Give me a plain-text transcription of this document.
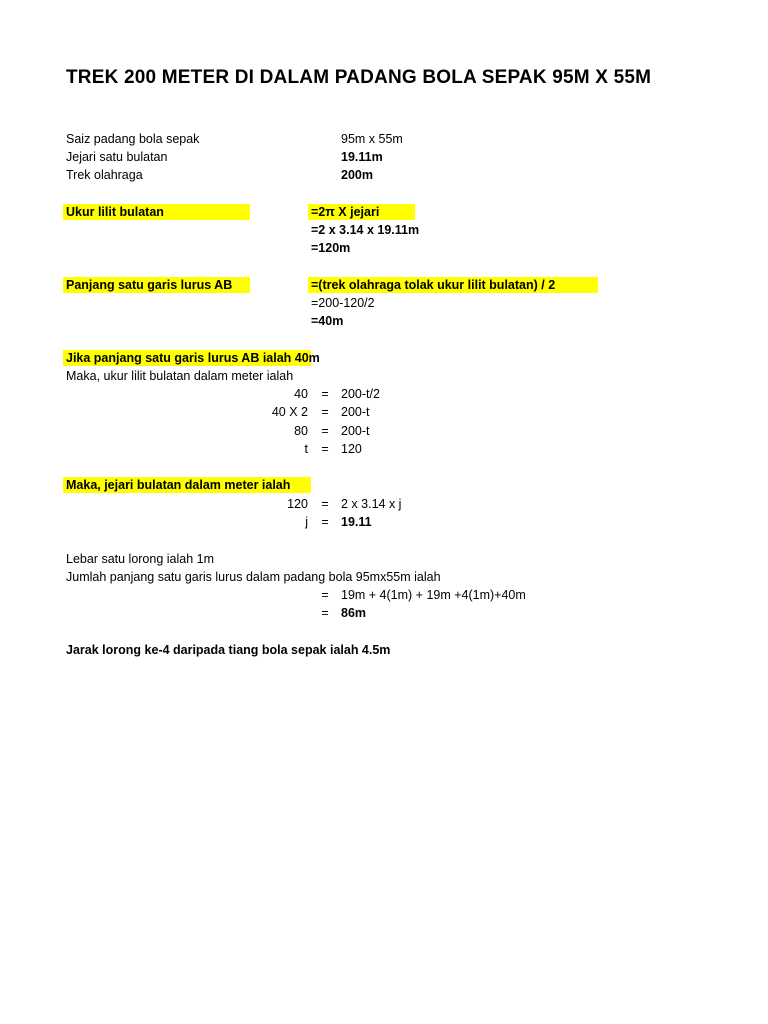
TREK 200 METER DI DALAM PADANG BOLA SEPAK 95M X 55M
Saiz padang bola sepak	95m x 55m
Jejari satu bulatan	19.11m
Trek olahraga	200m
Ukur lilit bulatan	=2π X jejari
=2 x 3.14 x 19.11m
=120m
Panjang satu garis lurus AB	=(trek olahraga tolak ukur lilit bulatan) / 2
=200-120/2
=40m
Jika panjang satu garis lurus AB ialah 40m
Maka, ukur lilit bulatan dalam meter ialah
40	= 200-t/2
40 X 2	= 200-t
80	= 200-t
t	= 120
Maka, jejari bulatan dalam meter ialah
120	= 2 x 3.14 x j
j	= 19.11
Lebar satu lorong ialah 1m
Jumlah panjang satu garis lurus dalam padang bola 95mx55m ialah
= 19m + 4(1m) + 19m +4(1m)+40m
= 86m
Jarak lorong ke-4 daripada tiang bola sepak ialah 4.5m
